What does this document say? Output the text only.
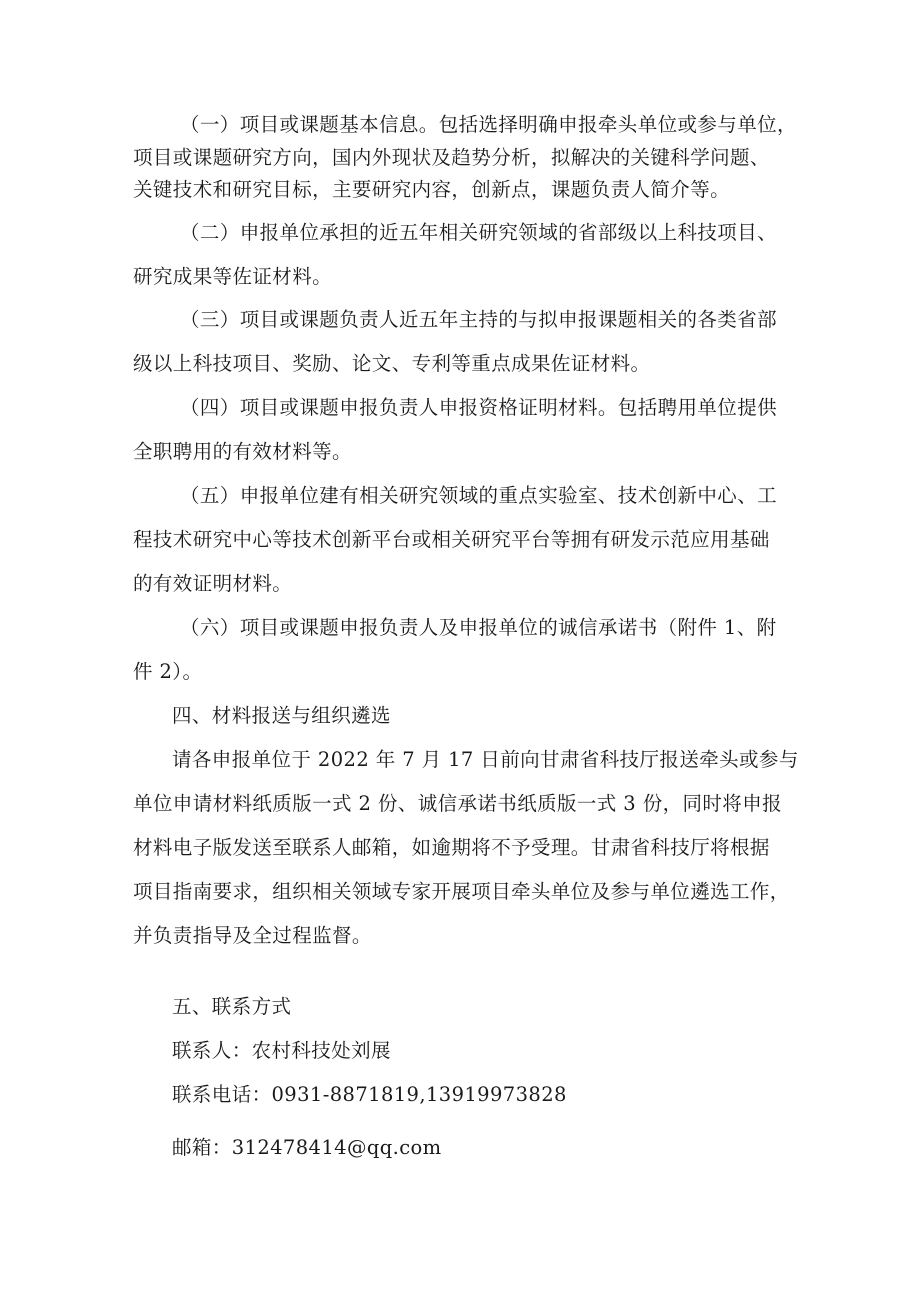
（一）项目或课题基本信息。包括选择明确申报牵头单位或参与单位，
项目或课题研究方向，国内外现状及趋势分析，拟解决的关键科学问题、
关键技术和研究目标，主要研究内容，创新点，课题负责人简介等。
（二）申报单位承担的近五年相关研究领域的省部级以上科技项目、
研究成果等佐证材料。
（三）项目或课题负责人近五年主持的与拟申报课题相关的各类省部
级以上科技项目、奖励、论文、专利等重点成果佐证材料。
（四）项目或课题申报负责人申报资格证明材料。包括聘用单位提供
全职聘用的有效材料等。
（五）申报单位建有相关研究领域的重点实验室、技术创新中心、工
程技术研究中心等技术创新平台或相关研究平台等拥有研发示范应用基础
的有效证明材料。
（六）项目或课题申报负责人及申报单位的诚信承诺书（附件 1、附
件 2）。
四、材料报送与组织遴选
请各申报单位于 2022 年 7 月 17 日前向甘肃省科技厅报送牵头或参与
单位申请材料纸质版一式 2 份、诚信承诺书纸质版一式 3 份，同时将申报
材料电子版发送至联系人邮箱，如逾期将不予受理。甘肃省科技厅将根据
项目指南要求，组织相关领域专家开展项目牵头单位及参与单位遴选工作，
并负责指导及全过程监督。
五、联系方式
联系人：农村科技处刘展
联系电话：0931-8871819,13919973828
邮箱：312478414@qq.com
